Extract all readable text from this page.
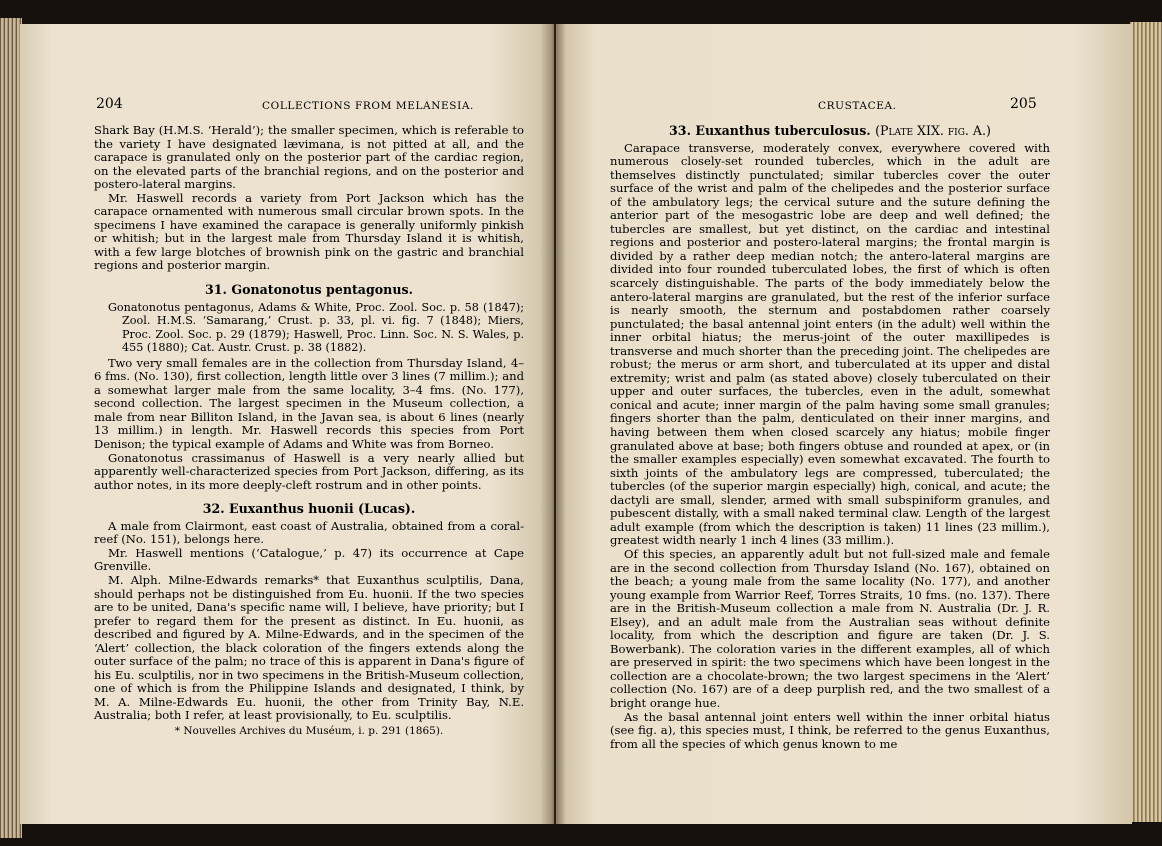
204	COLLECTIONS FROM MELANESIA.	CRUSTACEA.	205

Shark Bay (H.M.S. ‘Herald’); the smaller specimen, which is referable to the variety I have designated lævimana, is not pitted at all, and the carapace is granulated only on the posterior part of the cardiac region, on the elevated parts of the branchial regions, and on the posterior and postero-lateral margins.

Mr. Haswell records a variety from Port Jackson which has the carapace ornamented with numerous small circular brown spots. In the specimens I have examined the carapace is generally uniformly pinkish or whitish; but in the largest male from Thursday Island it is whitish, with a few large blotches of brownish pink on the gastric and branchial regions and posterior margin.

31. Gonatonotus pentagonus.

Gonatonotus pentagonus, Adams & White, Proc. Zool. Soc. p. 58 (1847); Zool. H.M.S. ‘Samarang,’ Crust. p. 33, pl. vi. fig. 7 (1848); Miers, Proc. Zool. Soc. p. 29 (1879); Haswell, Proc. Linn. Soc. N. S. Wales, p. 455 (1880); Cat. Austr. Crust. p. 38 (1882).

Two very small females are in the collection from Thursday Island, 4–6 fms. (No. 130), first collection, length little over 3 lines (7 millim.); and a somewhat larger male from the same locality, 3–4 fms. (No. 177), second collection. The largest specimen in the Museum collection, a male from near Billiton Island, in the Javan sea, is about 6 lines (nearly 13 millim.) in length. Mr. Haswell records this species from Port Denison; the typical example of Adams and White was from Borneo.

Gonatonotus crassimanus of Haswell is a very nearly allied but apparently well-characterized species from Port Jackson, differing, as its author notes, in its more deeply-cleft rostrum and in other points.

32. Euxanthus huonii (Lucas).

A male from Clairmont, east coast of Australia, obtained from a coral-reef (No. 151), belongs here.

Mr. Haswell mentions (‘Catalogue,’ p. 47) its occurrence at Cape Grenville.

M. Alph. Milne-Edwards remarks* that Euxanthus sculptilis, Dana, should perhaps not be distinguished from Eu. huonii. If the two species are to be united, Dana's specific name will, I believe, have priority; but I prefer to regard them for the present as distinct. In Eu. huonii, as described and figured by A. Milne-Edwards, and in the specimen of the ‘Alert’ collection, the black coloration of the fingers extends along the outer surface of the palm; no trace of this is apparent in Dana's figure of his Eu. sculptilis, nor in two specimens in the British-Museum collection, one of which is from the Philippine Islands and designated, I think, by M. A. Milne-Edwards Eu. huonii, the other from Trinity Bay, N.E. Australia; both I refer, at least provisionally, to Eu. sculptilis.

* Nouvelles Archives du Muséum, i. p. 291 (1865).

33. Euxanthus tuberculosus. (Plate XIX. fig. A.)

Carapace transverse, moderately convex, everywhere covered with numerous closely-set rounded tubercles, which in the adult are themselves distinctly punctulated; similar tubercles cover the outer surface of the wrist and palm of the chelipedes and the posterior surface of the ambulatory legs; the cervical suture and the suture defining the anterior part of the mesogastric lobe are deep and well defined; the tubercles are smallest, but yet distinct, on the cardiac and intestinal regions and posterior and postero-lateral margins; the frontal margin is divided by a rather deep median notch; the antero-lateral margins are divided into four rounded tuberculated lobes, the first of which is often scarcely distinguishable. The parts of the body immediately below the antero-lateral margins are granulated, but the rest of the inferior surface is nearly smooth, the sternum and postabdomen rather coarsely punctulated; the basal antennal joint enters (in the adult) well within the inner orbital hiatus; the merus-joint of the outer maxillipedes is transverse and much shorter than the preceding joint. The chelipedes are robust; the merus or arm short, and tuberculated at its upper and distal extremity; wrist and palm (as stated above) closely tuberculated on their upper and outer surfaces, the tubercles, even in the adult, somewhat conical and acute; inner margin of the palm having some small granules; fingers shorter than the palm, denticulated on their inner margins, and having between them when closed scarcely any hiatus; mobile finger granulated above at base; both fingers obtuse and rounded at apex, or (in the smaller examples especially) even somewhat excavated. The fourth to sixth joints of the ambulatory legs are compressed, tuberculated; the tubercles (of the superior margin especially) high, conical, and acute; the dactyli are small, slender, armed with small subspiniform granules, and pubescent distally, with a small naked terminal claw. Length of the largest adult example (from which the description is taken) 11 lines (23 millim.), greatest width nearly 1 inch 4 lines (33 millim.).

Of this species, an apparently adult but not full-sized male and female are in the second collection from Thursday Island (No. 167), obtained on the beach; a young male from the same locality (No. 177), and another young example from Warrior Reef, Torres Straits, 10 fms. (no. 137). There are in the British-Museum collection a male from N. Australia (Dr. J. R. Elsey), and an adult male from the Australian seas without definite locality, from which the description and figure are taken (Dr. J. S. Bowerbank). The coloration varies in the different examples, all of which are preserved in spirit: the two specimens which have been longest in the collection are a chocolate-brown; the two largest specimens in the ‘Alert’ collection (No. 167) are of a deep purplish red, and the two smallest of a bright orange hue.

As the basal antennal joint enters well within the inner orbital hiatus (see fig. a), this species must, I think, be referred to the genus Euxanthus, from all the species of which genus known to me
